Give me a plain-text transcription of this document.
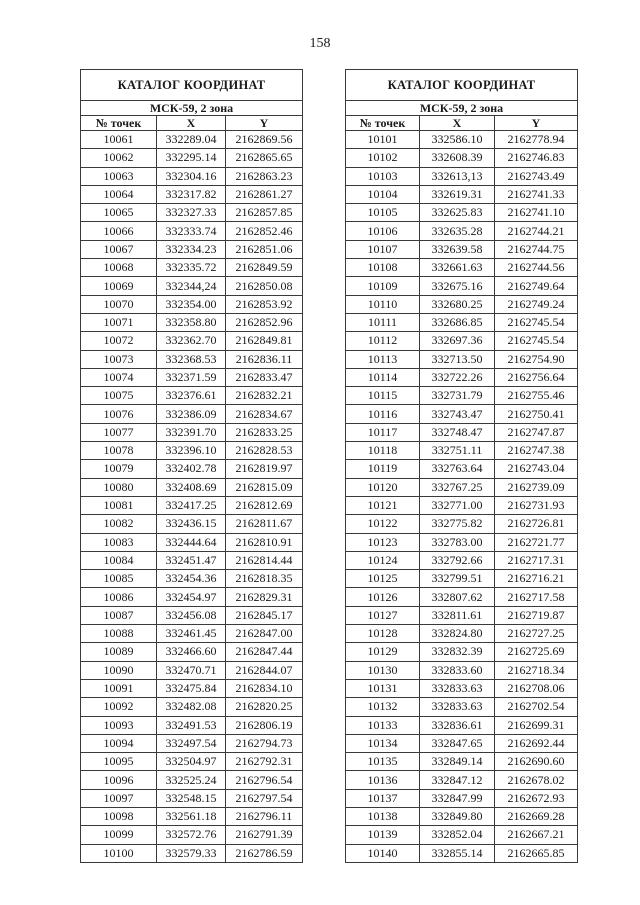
158
КАТАЛОГ КООРДИНАТ		
МСК-59, 2 зона		
№ точек	X	Y
10061	332289.04	2162869.56
10062	332295.14	2162865.65
10063	332304.16	2162863.23
10064	332317.82	2162861.27
10065	332327.33	2162857.85
10066	332333.74	2162852.46
10067	332334.23	2162851.06
10068	332335.72	2162849.59
10069	332344,24	2162850.08
10070	332354.00	2162853.92
10071	332358.80	2162852.96
10072	332362.70	2162849.81
10073	332368.53	2162836.11
10074	332371.59	2162833.47
10075	332376.61	2162832.21
10076	332386.09	2162834.67
10077	332391.70	2162833.25
10078	332396.10	2162828.53
10079	332402.78	2162819.97
10080	332408.69	2162815.09
10081	332417.25	2162812.69
10082	332436.15	2162811.67
10083	332444.64	2162810.91
10084	332451.47	2162814.44
10085	332454.36	2162818.35
10086	332454.97	2162829.31
10087	332456.08	2162845.17
10088	332461.45	2162847.00
10089	332466.60	2162847.44
10090	332470.71	2162844.07
10091	332475.84	2162834.10
10092	332482.08	2162820.25
10093	332491.53	2162806.19
10094	332497.54	2162794.73
10095	332504.97	2162792.31
10096	332525.24	2162796.54
10097	332548.15	2162797.54
10098	332561.18	2162796.11
10099	332572.76	2162791.39
10100	332579.33	2162786.59
КАТАЛОГ КООРДИНАТ		
МСК-59, 2 зона		
№ точек	X	Y
10101	332586.10	2162778.94
10102	332608.39	2162746.83
10103	332613,13	2162743.49
10104	332619.31	2162741.33
10105	332625.83	2162741.10
10106	332635.28	2162744.21
10107	332639.58	2162744.75
10108	332661.63	2162744.56
10109	332675.16	2162749.64
10110	332680.25	2162749.24
10111	332686.85	2162745.54
10112	332697.36	2162745.54
10113	332713.50	2162754.90
10114	332722.26	2162756.64
10115	332731.79	2162755.46
10116	332743.47	2162750.41
10117	332748.47	2162747.87
10118	332751.11	2162747.38
10119	332763.64	2162743.04
10120	332767.25	2162739.09
10121	332771.00	2162731.93
10122	332775.82	2162726.81
10123	332783.00	2162721.77
10124	332792.66	2162717.31
10125	332799.51	2162716.21
10126	332807.62	2162717.58
10127	332811.61	2162719.87
10128	332824.80	2162727.25
10129	332832.39	2162725.69
10130	332833.60	2162718.34
10131	332833.63	2162708.06
10132	332833.63	2162702.54
10133	332836.61	2162699.31
10134	332847.65	2162692.44
10135	332849.14	2162690.60
10136	332847.12	2162678.02
10137	332847.99	2162672.93
10138	332849.80	2162669.28
10139	332852.04	2162667.21
10140	332855.14	2162665.85
